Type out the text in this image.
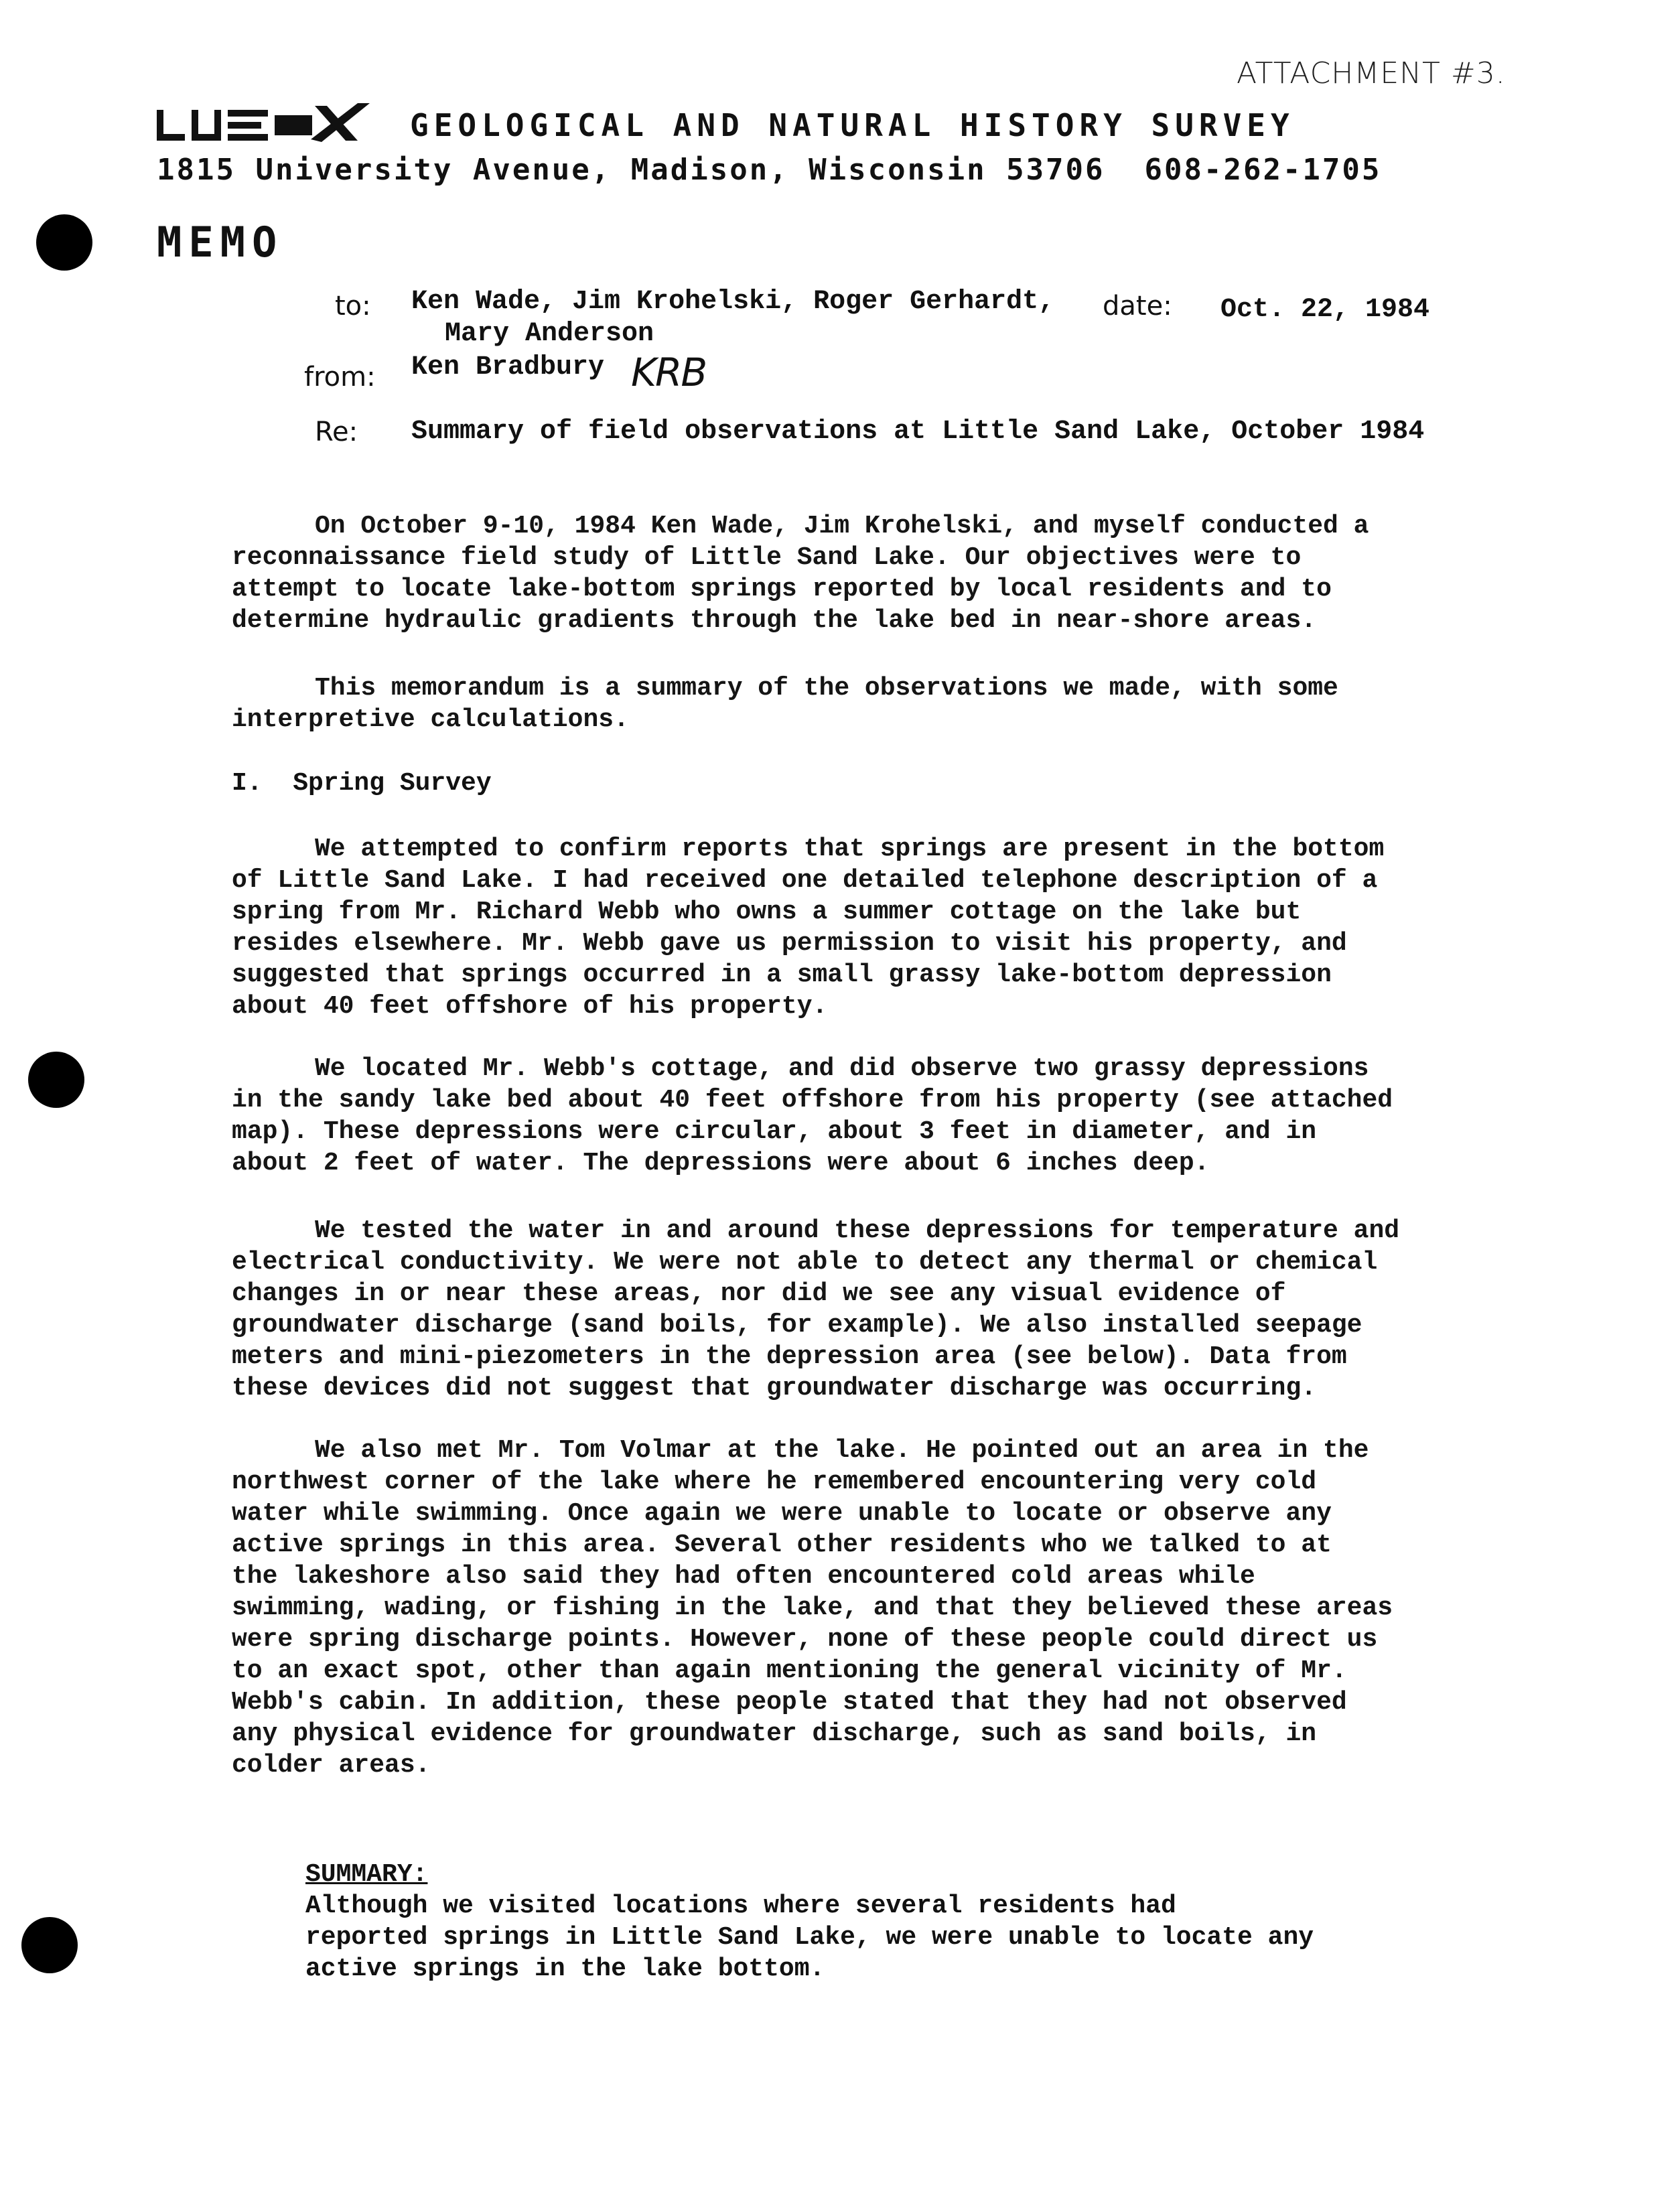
ATTACHMENT #3.
GEOLOGICAL AND NATURAL HISTORY SURVEY
1815 University Avenue, Madison, Wisconsin 53706  608-262-1705
MEMO
to: Ken Wade, Jim Krohelski, Roger Gerhardt,
Mary Anderson
date: Oct. 22, 1984
from: Ken Bradbury KRB
Re: Summary of field observations at Little Sand Lake, October 1984
On October 9-10, 1984 Ken Wade, Jim Krohelski, and myself conducted a
reconnaissance field study of Little Sand Lake. Our objectives were to
attempt to locate lake-bottom springs reported by local residents and to
determine hydraulic gradients through the lake bed in near-shore areas.
This memorandum is a summary of the observations we made, with some
interpretive calculations.
I.  Spring Survey
We attempted to confirm reports that springs are present in the bottom
of Little Sand Lake. I had received one detailed telephone description of a
spring from Mr. Richard Webb who owns a summer cottage on the lake but
resides elsewhere. Mr. Webb gave us permission to visit his property, and
suggested that springs occurred in a small grassy lake-bottom depression
about 40 feet offshore of his property.
We located Mr. Webb's cottage, and did observe two grassy depressions
in the sandy lake bed about 40 feet offshore from his property (see attached
map). These depressions were circular, about 3 feet in diameter, and in
about 2 feet of water. The depressions were about 6 inches deep.
We tested the water in and around these depressions for temperature and
electrical conductivity. We were not able to detect any thermal or chemical
changes in or near these areas, nor did we see any visual evidence of
groundwater discharge (sand boils, for example). We also installed seepage
meters and mini-piezometers in the depression area (see below). Data from
these devices did not suggest that groundwater discharge was occurring.
We also met Mr. Tom Volmar at the lake. He pointed out an area in the
northwest corner of the lake where he remembered encountering very cold
water while swimming. Once again we were unable to locate or observe any
active springs in this area. Several other residents who we talked to at
the lakeshore also said they had often encountered cold areas while
swimming, wading, or fishing in the lake, and that they believed these areas
were spring discharge points. However, none of these people could direct us
to an exact spot, other than again mentioning the general vicinity of Mr.
Webb's cabin. In addition, these people stated that they had not observed
any physical evidence for groundwater discharge, such as sand boils, in
colder areas.

SUMMARY:
Although we visited locations where several residents had
reported springs in Little Sand Lake, we were unable to locate any
active springs in the lake bottom.
